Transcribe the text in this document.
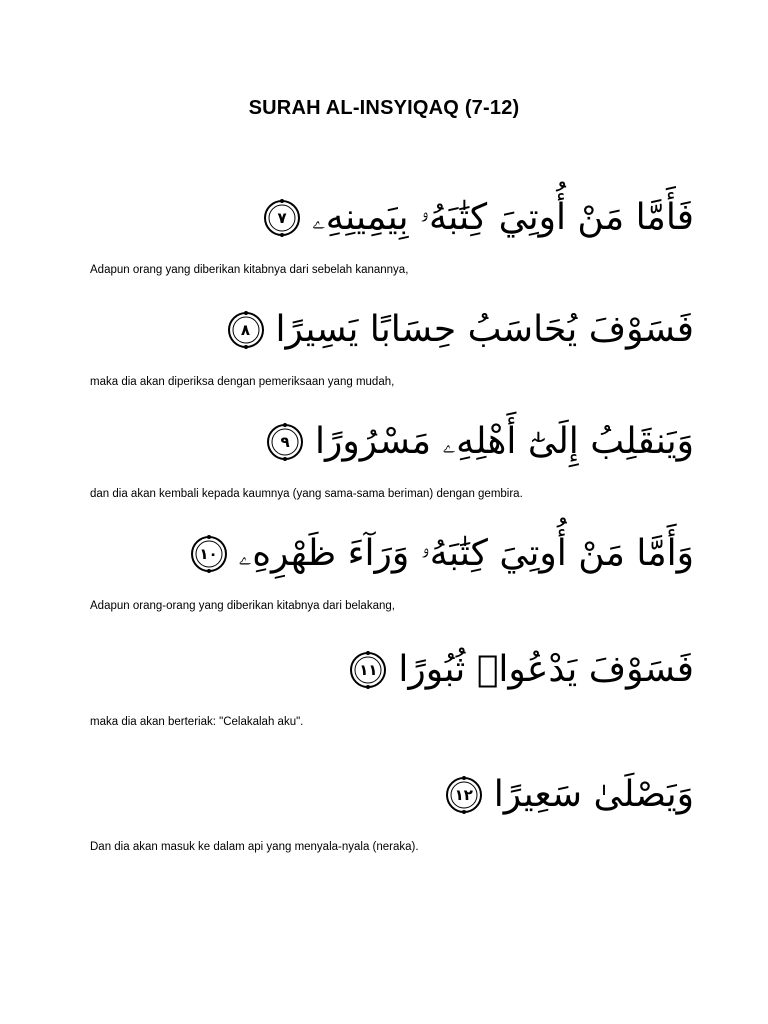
SURAH AL-INSYIQAQ (7-12)
٧ فَأَمَّا مَنْ أُوتِيَ كِتَٰبَهُۥ بِيَمِينِهِۦ
Adapun orang yang diberikan kitabnya dari sebelah kanannya,
٨ فَسَوْفَ يُحَاسَبُ حِسَابًا يَسِيرًا
maka dia akan diperiksa dengan pemeriksaan yang mudah,
٩ وَيَنقَلِبُ إِلَىٰٓ أَهْلِهِۦ مَسْرُورًا
dan dia akan kembali kepada kaumnya (yang sama-sama beriman) dengan gembira.
١٠ وَأَمَّا مَنْ أُوتِيَ كِتَٰبَهُۥ وَرَآءَ ظَهْرِهِۦ
Adapun orang-orang yang diberikan kitabnya dari belakang,
١١ فَسَوْفَ يَدْعُوا۟ ثُبُورًا
maka dia akan berteriak: "Celakalah aku".
١٢ وَيَصْلَىٰ سَعِيرًا
Dan dia akan masuk ke dalam api yang menyala-nyala (neraka).
